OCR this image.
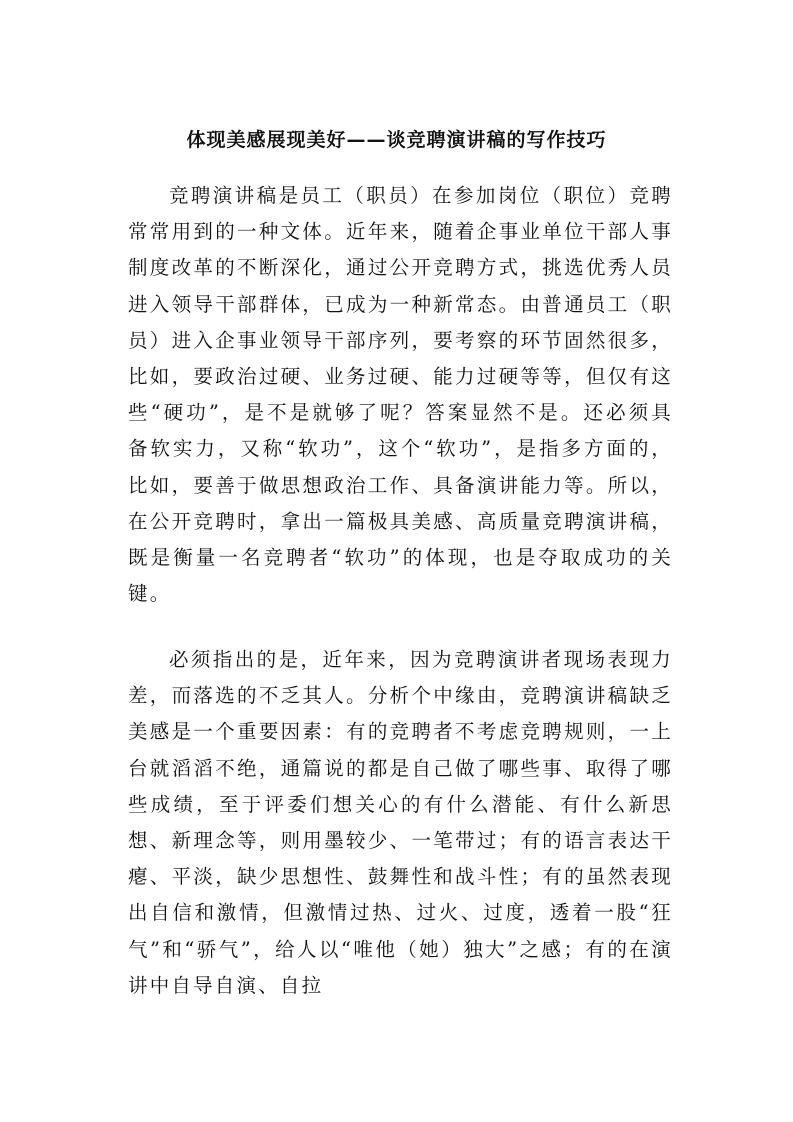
体现美感展现美好——谈竞聘演讲稿的写作技巧

竞聘演讲稿是员工（职员）在参加岗位（职位）竞聘常常用到的一种文体。近年来，随着企事业单位干部人事制度改革的不断深化，通过公开竞聘方式，挑选优秀人员进入领导干部群体，已成为一种新常态。由普通员工（职员）进入企事业领导干部序列，要考察的环节固然很多，比如，要政治过硬、业务过硬、能力过硬等等，但仅有这些“硬功”，是不是就够了呢？答案显然不是。还必须具备软实力，又称“软功”，这个“软功”，是指多方面的，比如，要善于做思想政治工作、具备演讲能力等。所以，在公开竞聘时，拿出一篇极具美感、高质量竞聘演讲稿，既是衡量一名竞聘者“软功”的体现，也是夺取成功的关键。

必须指出的是，近年来，因为竞聘演讲者现场表现力差，而落选的不乏其人。分析个中缘由，竞聘演讲稿缺乏美感是一个重要因素：有的竞聘者不考虑竞聘规则，一上台就滔滔不绝，通篇说的都是自己做了哪些事、取得了哪些成绩，至于评委们想关心的有什么潜能、有什么新思想、新理念等，则用墨较少、一笔带过；有的语言表达干瘪、平淡，缺少思想性、鼓舞性和战斗性；有的虽然表现出自信和激情，但激情过热、过火、过度，透着一股“狂气”和“骄气”，给人以“唯他（她）独大”之感；有的在演讲中自导自演、自拉
